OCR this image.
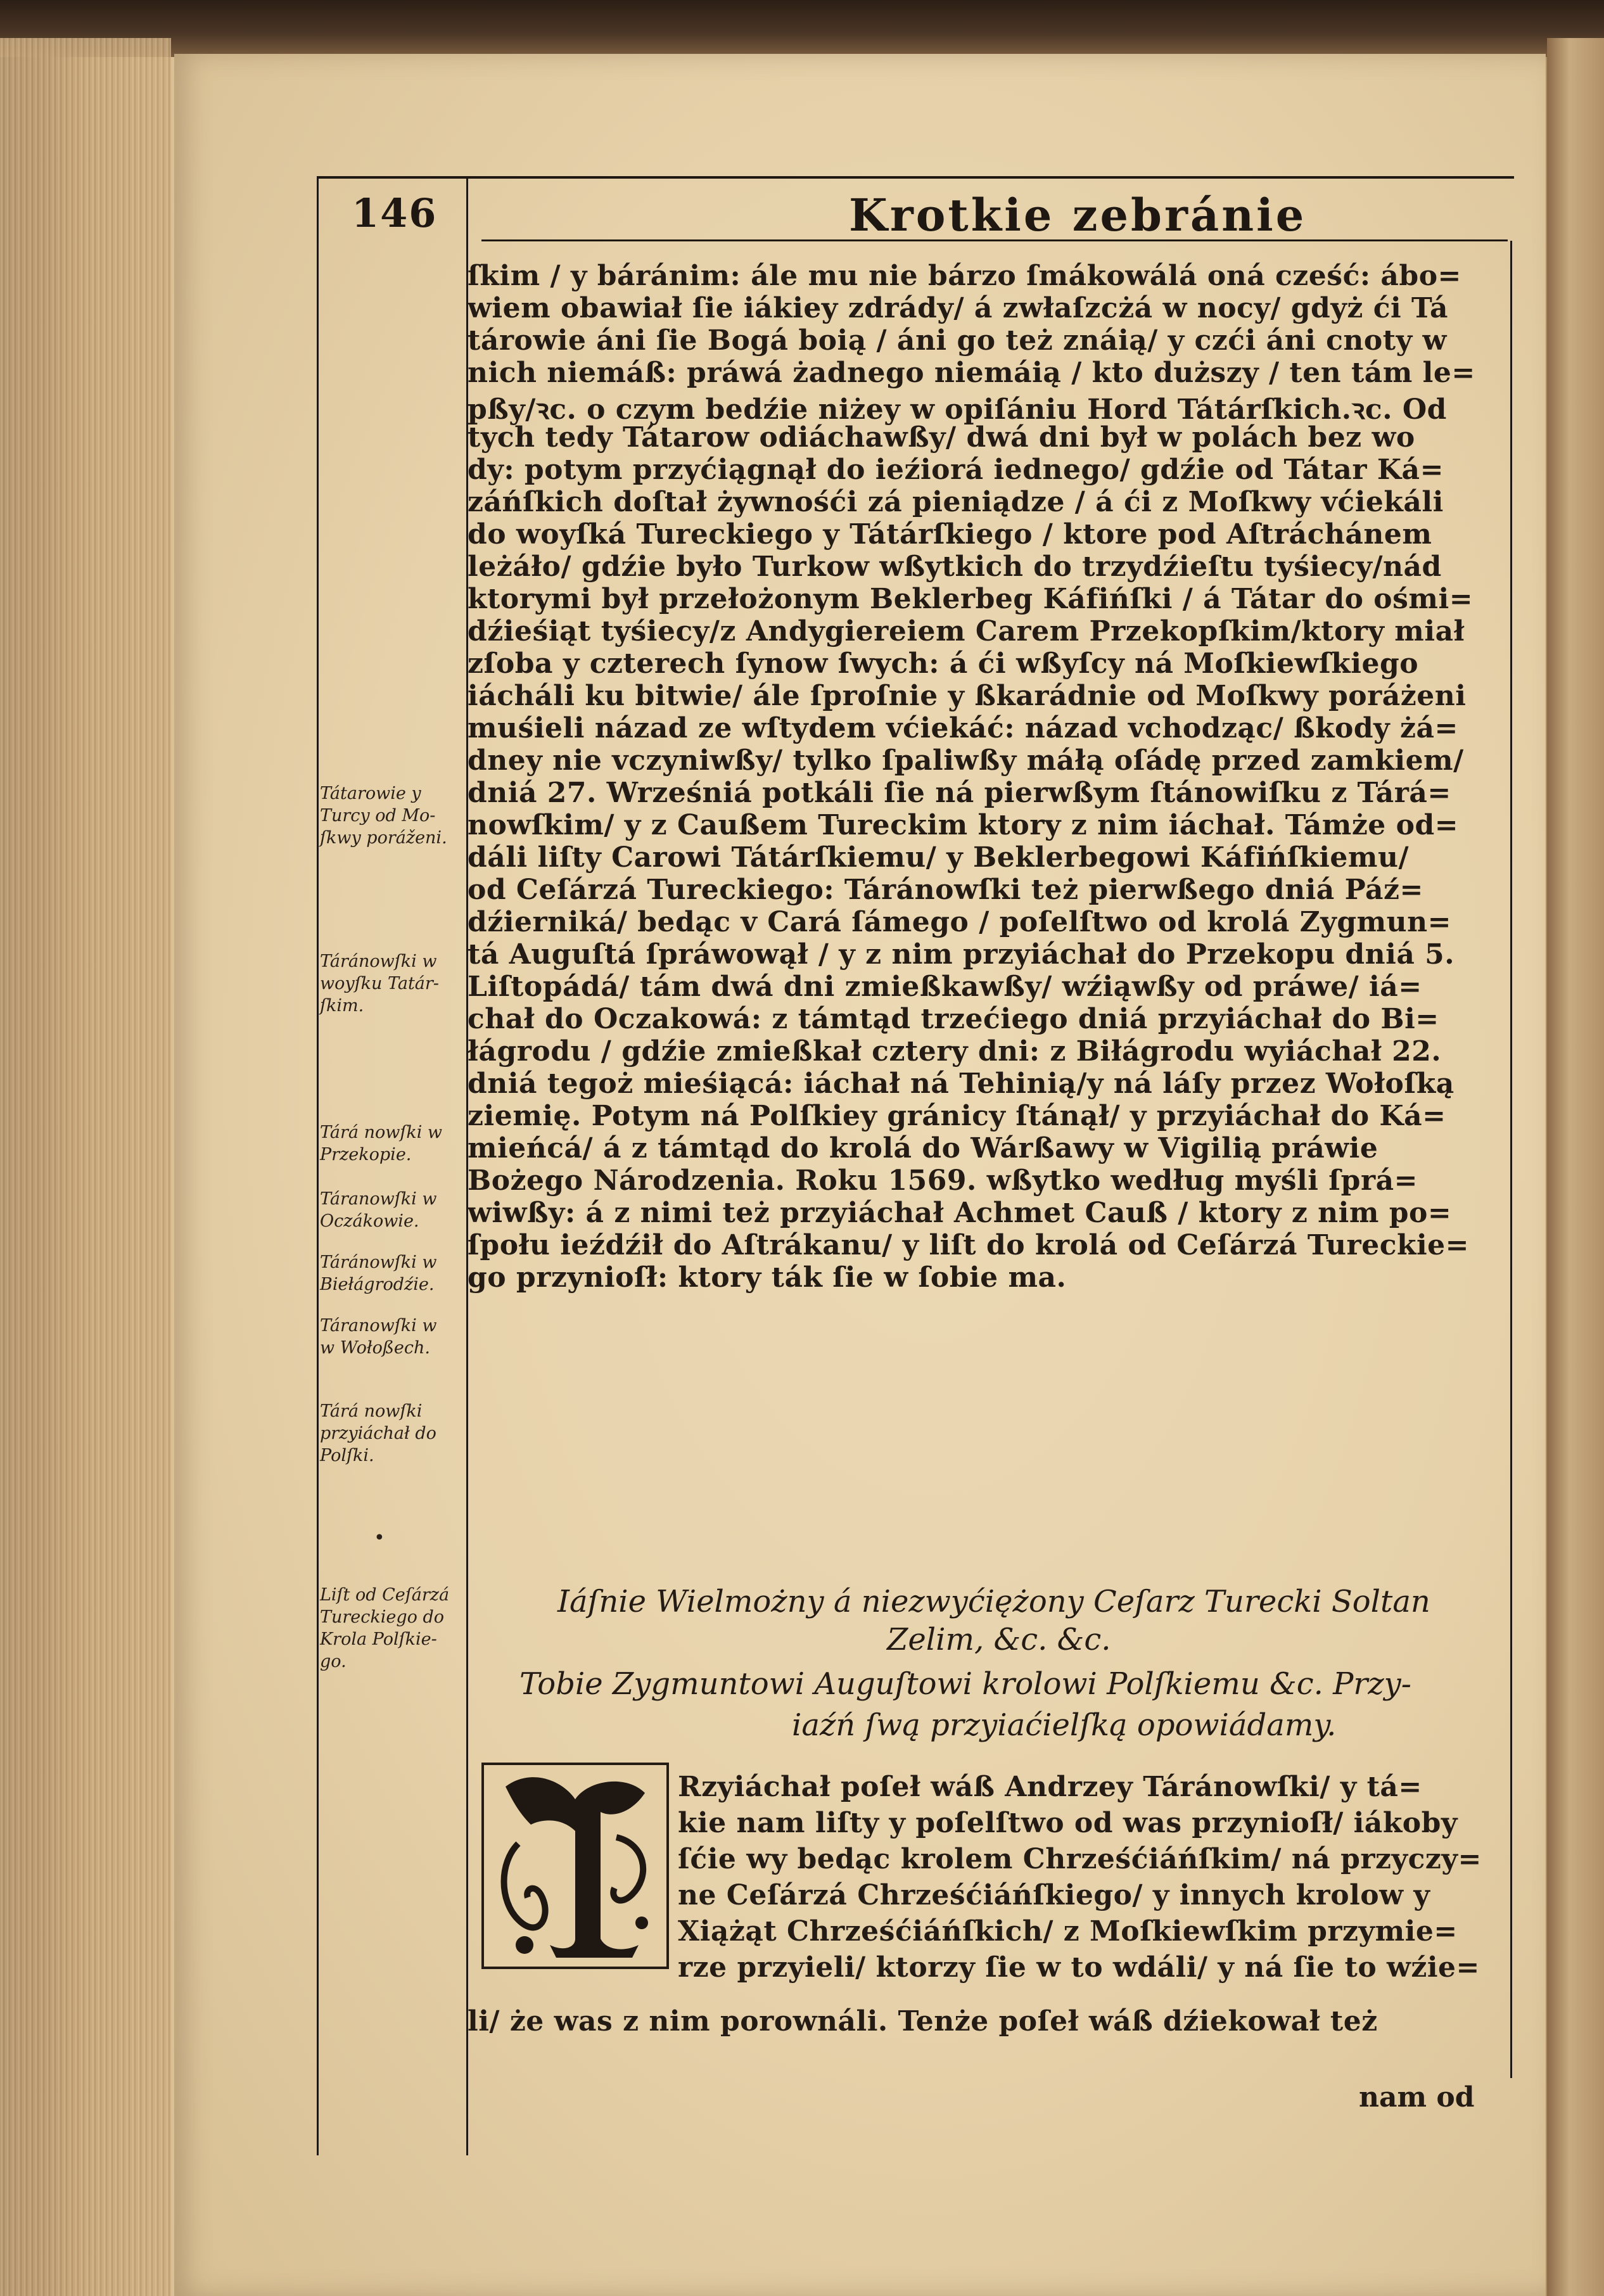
146	Krotkie zebránie
ſkim / y báránim: ále mu nie bárzo ſmákowálá oná cześć: ábo=
wiem obawiał ſie iákiey zdrády/ á zwłaſzcżá w nocy/ gdyż ći Tá
tárowie áni ſie Bogá boią / áni go też znáią/ y czći áni cnoty w
nich niemáß: práwá żadnego niemáią / kto duższy / ten tám le=
pßy/ꝛc. o czym bedźie niżey w opiſániu Hord Tátárſkich.ꝛc. Od
tych tedy Tátarow odiáchawßy/ dwá dni był w polách bez wo
dy: potym przyćiągnął do ieźiorá iednego/ gdźie od Tátar Ká=
záńſkich doſtał żywnośći zá pieniądze / á ći z Moſkwy vćiekáli
do woyſká Tureckiego y Tátárſkiego / ktore pod Aſtráchánem
leżáło/ gdźie było Turkow wßytkich do trzydźieſtu tyśiecy/nád
ktorymi był przełożonym Beklerbeg Káfińſki / á Tátar do ośmi=
dźieśiąt tyśiecy/z Andygiereiem Carem Przekopſkim/ktory miał
zſoba y czterech ſynow ſwych: á ći wßyſcy ná Moſkiewſkiego
iácháli ku bitwie/ ále ſproſnie y ßkarádnie od Moſkwy poráżeni
muśieli názad ze wſtydem vćiekáć: názad vchodząc/ ßkody żá=
dney nie vczyniwßy/ tylko ſpaliwßy máłą oſádę przed zamkiem/
dniá 27. Wrześniá potkáli ſie ná pierwßym ſtánowiſku z Tárá=
nowſkim/ y z Caußem Tureckim ktory z nim iáchał. Támże od=
dáli liſty Carowi Tátárſkiemu/ y Beklerbegowi Káfińſkiemu/
od Ceſárzá Tureckiego: Táránowſki też pierwßego dniá Páź=
dźierniká/ bedąc v Cará ſámego / poſelſtwo od krolá Zygmun=
tá Auguſtá ſpráwowął / y z nim przyiáchał do Przekopu dniá 5.
Liſtopádá/ tám dwá dni zmießkawßy/ wźiąwßy od práwe/ iá=
chał do Oczakowá: z támtąd trzećiego dniá przyiáchał do Bi=
łágrodu / gdźie zmießkał cztery dni: z Biłágrodu wyiáchał 22.
dniá tegoż mieśiącá: iáchał ná Tehinią/y ná láſy przez Wołoſką
ziemię. Potym ná Polſkiey gránicy ſtánął/ y przyiáchał do Ká=
mieńcá/ á z támtąd do krolá do Wárßawy w Vigilią práwie
Bożego Národzenia. Roku 1569. wßytko według myśli ſprá=
wiwßy: á z nimi też przyiáchał Achmet Cauß / ktory z nim po=
ſpołu ieźdźił do Aſtrákanu/ y liſt do krolá od Ceſárzá Tureckie=
go przynioſł: ktory ták ſie w ſobie ma.
Iáſnie Wielmożny á niezwyćiężony Ceſarz Turecki Soltan
Zelim, &c. &c.
Tobie Zygmuntowi Auguſtowi krolowi Polſkiemu &c. Przy-
iaźń ſwą przyiaćielſką opowiádamy.
Rzyiáchał poſeł wáß Andrzey Táránowſki/ y tá=
kie nam liſty y poſelſtwo od was przynioſł/ iákoby
ſćie wy bedąc krolem Chrześćiáńſkim/ ná przyczy=
ne Ceſárzá Chrześćiáńſkiego/ y innych krolow y
Xiążąt Chrześćiáńſkich/ z Moſkiewſkim przymie=
rze przyieli/ ktorzy ſie w to wdáli/ y ná ſie to wźie=
li/ że was z nim porownáli. Tenże poſeł wáß dźiekował też
nam od
Tátarowie y
Turcy od Mo-
ſkwy poráženi.
Táránowſki w
woyſku Tatár-
ſkim.
Tárá nowſki w
Przekopie.
Táranowſki w
Oczákowie.
Táránowſki w
Biełágrodźie.
Táranowſki w
w Wołoßech.
Tárá nowſki
przyiáchał do
Polſki.
Liſt od Ceſárzá
Tureckiego do
Krola Polſkie-
go.
•
